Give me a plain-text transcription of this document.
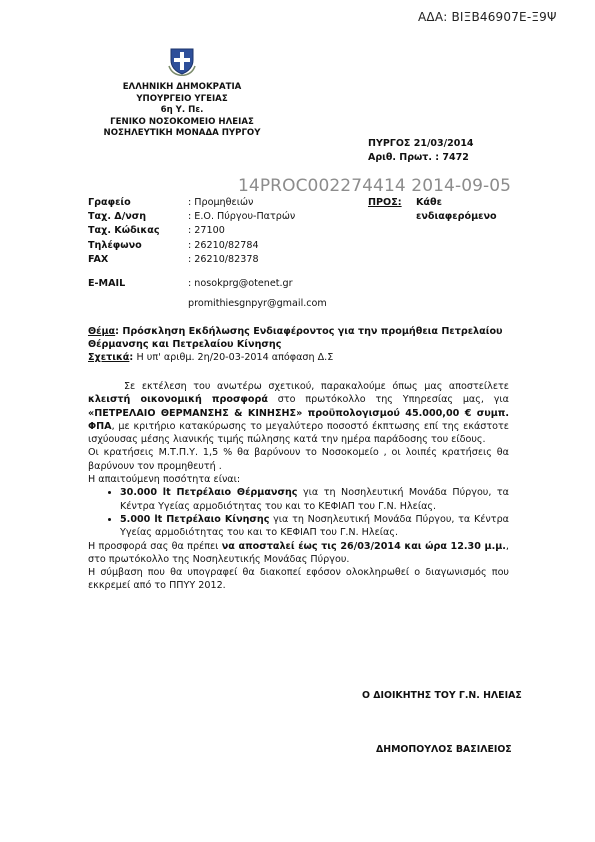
ΑΔΑ: ΒΙΞΒ46907Ε-Ξ9Ψ
ΕΛΛΗΝΙΚΗ ΔΗΜΟΚΡΑΤΙΑ
ΥΠΟΥΡΓΕΙΟ ΥΓΕΙΑΣ
6η Υ. Πε.
ΓΕΝΙΚΟ ΝΟΣΟΚΟΜΕΙΟ ΗΛΕΙΑΣ
ΝΟΣΗΛΕΥΤΙΚΗ ΜΟΝΑΔΑ ΠΥΡΓΟΥ
ΠΥΡΓΟΣ 21/03/2014
Αριθ. Πρωτ. : 7472
14PROC002274414 2014-09-05
Γραφείο	: Προμηθειών
Ταχ. Δ/νση	: Ε.Ο. Πύργου-Πατρών
Ταχ. Κώδικας	: 27100
Τηλέφωνο	: 26210/82784
FAX	: 26210/82378
E-MAIL	: nosokprg@otenet.gr
promithiesgnpyr@gmail.com
ΠΡΟΣ: Κάθε
ενδιαφερόμενο
Θέμα: Πρόσκληση Εκδήλωσης Ενδιαφέροντος για την προμήθεια Πετρελαίου Θέρμανσης και Πετρελαίου Κίνησης
Σχετικά: Η υπ' αριθμ. 2η/20-03-2014 απόφαση Δ.Σ

Σε εκτέλεση του ανωτέρω σχετικού, παρακαλούμε όπως μας αποστείλετε κλειστή οικονομική προσφορά στο πρωτόκολλο της Υπηρεσίας μας, για «ΠΕΤΡΕΛΑΙΟ ΘΕΡΜΑΝΣΗΣ & ΚΙΝΗΣΗΣ» προϋπολογισμού 45.000,00 € συμπ. ΦΠΑ, με κριτήριο κατακύρωσης το μεγαλύτερο ποσοστό έκπτωσης επί της εκάστοτε ισχύουσας μέσης λιανικής τιμής πώλησης κατά την ημέρα παράδοσης του είδους.

Οι κρατήσεις Μ.Τ.Π.Υ. 1,5 % θα βαρύνουν το Νοσοκομείο , οι λοιπές κρατήσεις θα βαρύνουν τον προμηθευτή .

Η απαιτούμενη ποσότητα είναι:

• 30.000 lt Πετρέλαιο Θέρμανσης για τη Νοσηλευτική Μονάδα Πύργου, τα Κέντρα Υγείας αρμοδιότητας του και το ΚΕΦΙΑΠ του Γ.Ν. Ηλείας.
• 5.000 lt Πετρέλαιο Κίνησης για τη Νοσηλευτική Μονάδα Πύργου, τα Κέντρα Υγείας αρμοδιότητας του και το ΚΕΦΙΑΠ του Γ.Ν. Ηλείας.

Η προσφορά σας θα πρέπει να αποσταλεί έως τις 26/03/2014 και ώρα 12.30 μ.μ., στο πρωτόκολλο της Νοσηλευτικής Μονάδας Πύργου.

Η σύμβαση που θα υπογραφεί θα διακοπεί εφόσον ολοκληρωθεί ο διαγωνισμός που εκκρεμεί από το ΠΠΥΥ 2012.

Ο ΔΙΟΙΚΗΤΗΣ ΤΟΥ Γ.Ν. ΗΛΕΙΑΣ
ΔΗΜΟΠΟΥΛΟΣ ΒΑΣΙΛΕΙΟΣ
